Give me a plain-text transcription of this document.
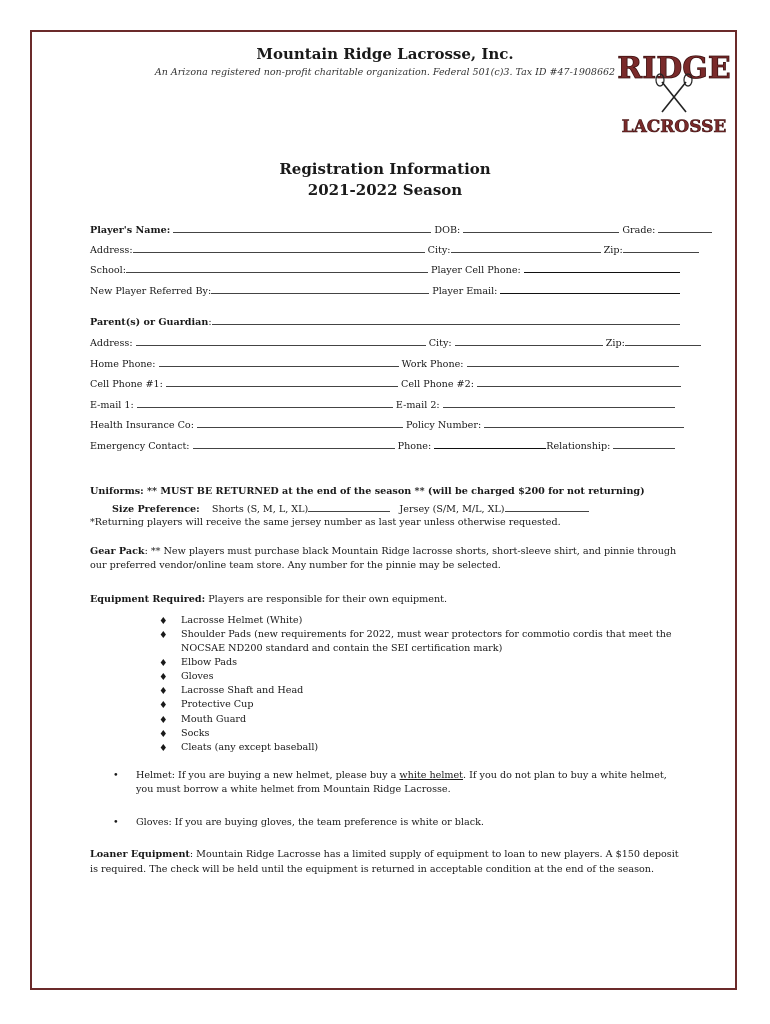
Mountain Ridge Lacrosse, Inc.
An Arizona registered non-profit charitable organization. Federal 501(c)3. Tax ID #47-1908662 RIDGE
LACROSSE
Registration Information
2021-2022 Season
Player's Name:	DOB:	Grade:
Address:	City:	Zip:
School:	Player Cell Phone:
New Player Referred By:	Player Email:
Parent(s) or Guardian:
Address:	City:	Zip:
Home Phone:	Work Phone:
Cell Phone #1:	Cell Phone #2:
E-mail 1:	E-mail 2:
Health Insurance Co:	Policy Number:
Emergency Contact:	Phone:	Relationship:
Uniforms: ** MUST BE RETURNED at the end of the season ** (will be charged $200 for not returning)
Size Preference: Shorts (S, M, L, XL)	Jersey (S/M, M/L, XL)
*Returning players will receive the same jersey number as last year unless otherwise requested.
Gear Pack: ** New players must purchase black Mountain Ridge lacrosse shorts, short-sleeve shirt, and pinnie through
our preferred vendor/online team store. Any number for the pinnie may be selected.
Equipment Required: Players are responsible for their own equipment.
♦ Lacrosse Helmet (White)
♦ Shoulder Pads (new requirements for 2022, must wear protectors for commotio cordis that meet the
NOCSAE ND200 standard and contain the SEI certification mark)
♦ Elbow Pads
♦ Gloves
♦ Lacrosse Shaft and Head
♦ Protective Cup
♦ Mouth Guard
♦ Socks
♦ Cleats (any except baseball)
• Helmet: If you are buying a new helmet, please buy a white helmet. If you do not plan to buy a white helmet,
you must borrow a white helmet from Mountain Ridge Lacrosse.
• Gloves: If you are buying gloves, the team preference is white or black.
Loaner Equipment: Mountain Ridge Lacrosse has a limited supply of equipment to loan to new players. A $150 deposit
is required. The check will be held until the equipment is returned in acceptable condition at the end of the season.
